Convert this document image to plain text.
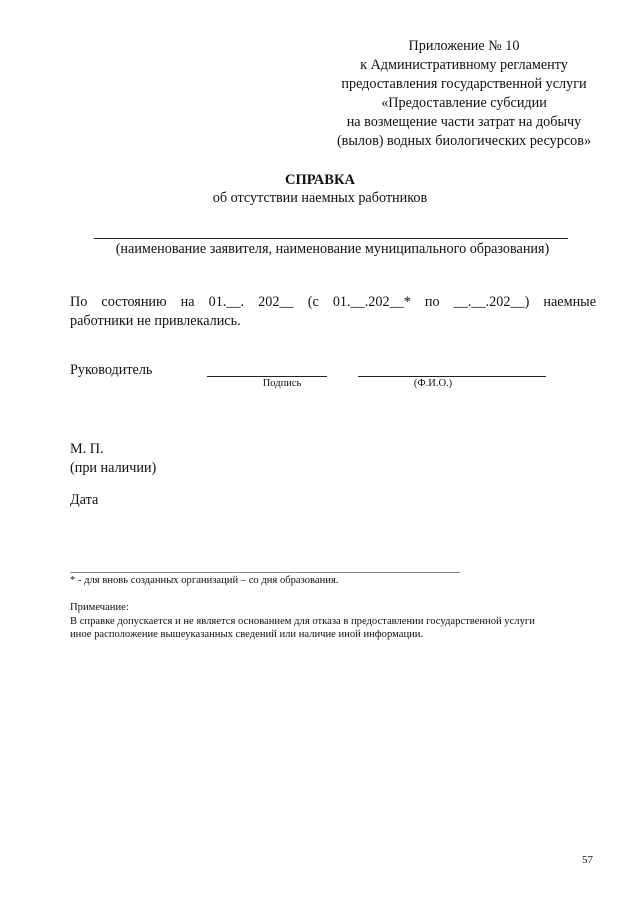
Приложение № 10
к Административному регламенту
предоставления государственной услуги
«Предоставление субсидии
на возмещение части затрат на добычу
(вылов) водных биологических ресурсов»
СПРАВКА
об отсутствии наемных работников
(наименование заявителя, наименование муниципального образования)
По состоянию на 01.__. 202__ (с 01.__.202__* по __.__.202__) наемные
работники не привлекались.
Руководитель
Подпись	(Ф.И.О.)
М. П.
(при наличии)
Дата
* - для вновь созданных организаций – со дня образования.
Примечание:
В справке допускается и не является основанием для отказа в предоставлении государственной услуги
иное расположение вышеуказанных сведений или наличие иной информации.
57
